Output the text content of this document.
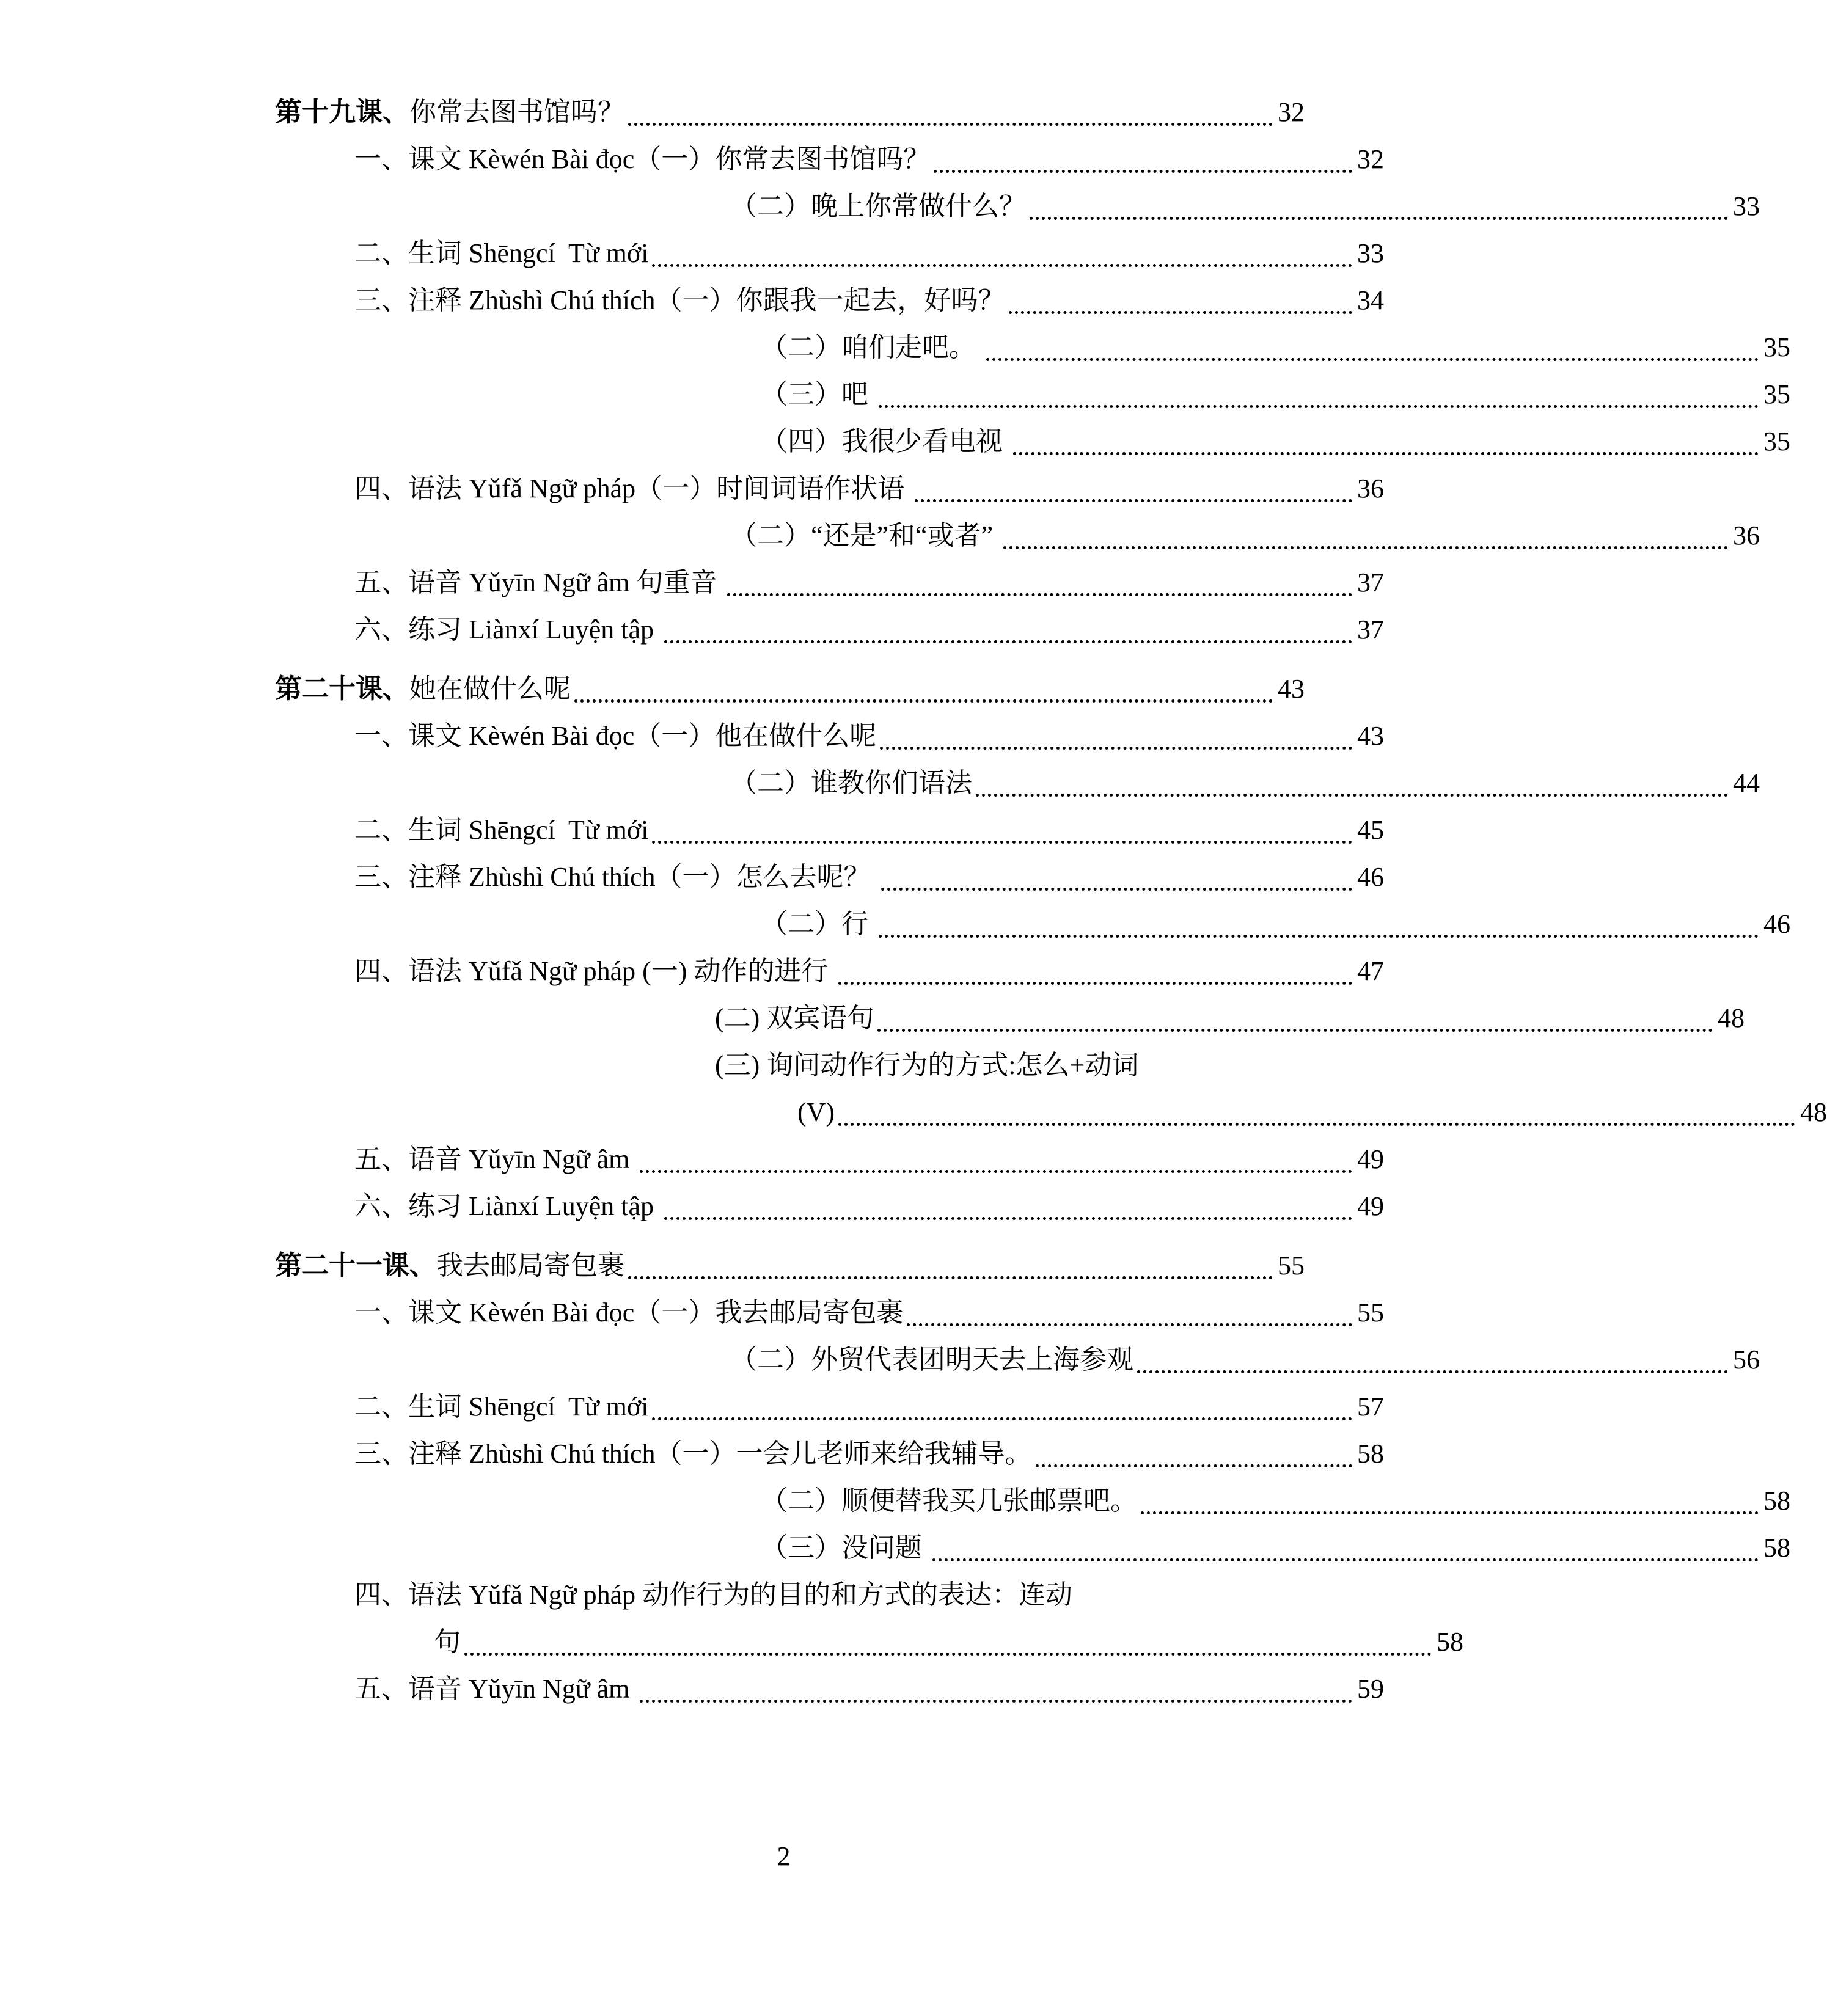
第十九课、你常去图书馆吗？	32
一、课文 Kèwén Bài đọc（一）你常去图书馆吗？	32
（二）晚上你常做什么？	33
二、生词 Shēngcí  Từ mới	33
三、注释 Zhùshì Chú thích（一）你跟我一起去，好吗？	34
（二）咱们走吧。	35
（三）吧	35
（四）我很少看电视	35
四、语法 Yǔfǎ Ngữ pháp（一）时间词语作状语	36
（二）“还是”和“或者”	36
五、语音 Yǔyīn Ngữ âm 句重音	37
六、练习 Liànxí Luyện tập	37
第二十课、她在做什么呢	43
一、课文 Kèwén Bài đọc（一）他在做什么呢	43
（二）谁教你们语法	44
二、生词 Shēngcí  Từ mới	45
三、注释 Zhùshì Chú thích（一）怎么去呢？	46
（二）行	46
四、语法 Yǔfǎ Ngữ pháp (一) 动作的进行	47
(二) 双宾语句	48
(三) 询问动作行为的方式:怎么+动词
(V)	48
五、语音 Yǔyīn Ngữ âm	49
六、练习 Liànxí Luyện tập	49
第二十一课、我去邮局寄包裹	55
一、课文 Kèwén Bài đọc（一）我去邮局寄包裹	55
（二）外贸代表团明天去上海参观	56
二、生词 Shēngcí  Từ mới	57
三、注释 Zhùshì Chú thích（一）一会儿老师来给我辅导。	58
（二）顺便替我买几张邮票吧。	58
（三）没问题	58
四、语法 Yǔfǎ Ngữ pháp 动作行为的目的和方式的表达：连动
句	58
五、语音 Yǔyīn Ngữ âm	59
2
